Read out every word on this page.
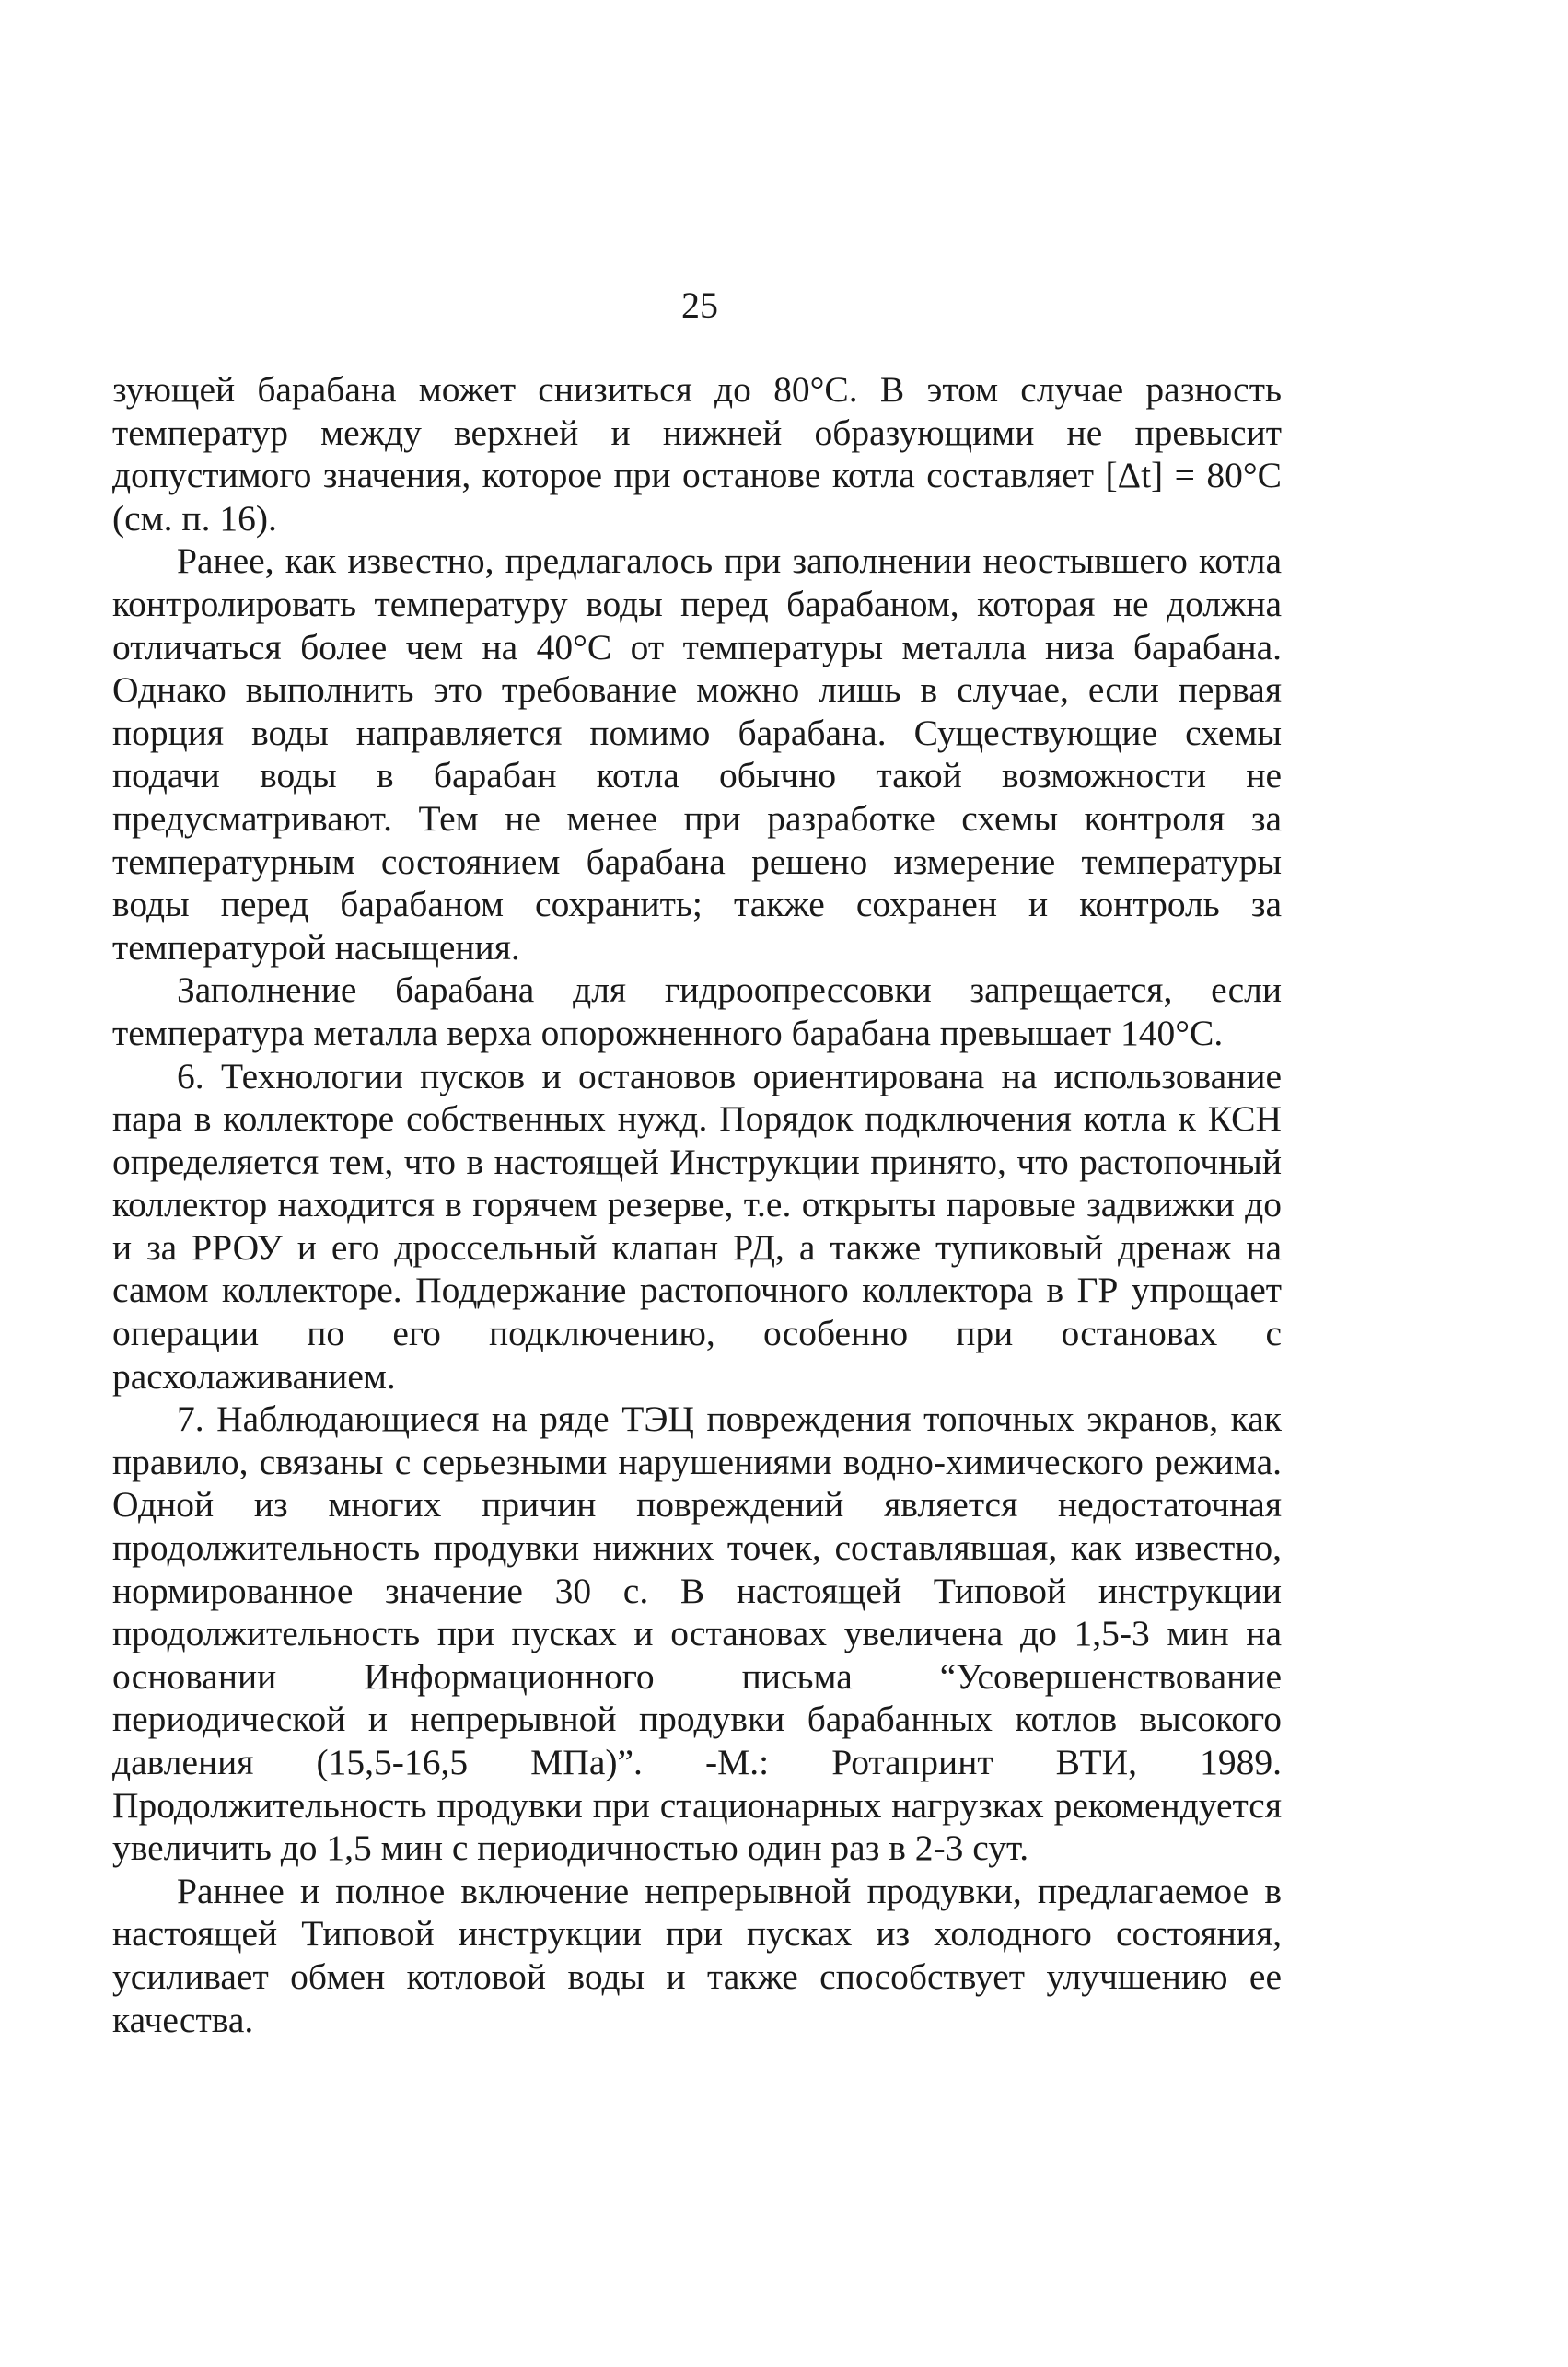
25

зующей барабана может снизиться до 80°С. В этом случае разность температур между верхней и нижней образующими не превысит допустимого значения, которое при останове котла составляет [Δt] = 80°С (см. п. 16).

Ранее, как известно, предлагалось при заполнении неостывшего котла контролировать температуру воды перед барабаном, которая не должна отличаться более чем на 40°С от температуры металла низа барабана. Однако выполнить это требование можно лишь в случае, если первая порция воды направляется помимо барабана. Существующие схемы подачи воды в барабан котла обычно такой возможности не предусматривают. Тем не менее при разработке схемы контроля за температурным состоянием барабана решено измерение температуры воды перед барабаном сохранить; также сохранен и контроль за температурой насыщения.

Заполнение барабана для гидроопрессовки запрещается, если температура металла верха опорожненного барабана превышает 140°С.

6. Технологии пусков и остановов ориентирована на использование пара в коллекторе собственных нужд. Порядок подключения котла к КСН определяется тем, что в настоящей Инструкции принято, что растопочный коллектор находится в горячем резерве, т.е. открыты паровые задвижки до и за РРОУ и его дроссельный клапан РД, а также тупиковый дренаж на самом коллекторе. Поддержание растопочного коллектора в ГР упрощает операции по его подключению, особенно при остановах с расхолаживанием.

7. Наблюдающиеся на ряде ТЭЦ повреждения топочных экранов, как правило, связаны с серьезными нарушениями водно-химического режима. Одной из многих причин повреждений является недостаточная продолжительность продувки нижних точек, составлявшая, как известно, нормированное значение 30 с. В настоящей Типовой инструкции продолжительность при пусках и остановах увеличена до 1,5-3 мин на основании Информационного письма “Усовершенствование периодической и непрерывной продувки барабанных котлов высокого давления (15,5-16,5 МПа)”. -М.: Ротапринт ВТИ, 1989. Продолжительность продувки при стационарных нагрузках рекомендуется увеличить до 1,5 мин с периодичностью один раз в 2-3 сут.

Раннее и полное включение непрерывной продувки, предлагаемое в настоящей Типовой инструкции при пусках из холодного состояния, усиливает обмен котловой воды и также способствует улучшению ее качества.
